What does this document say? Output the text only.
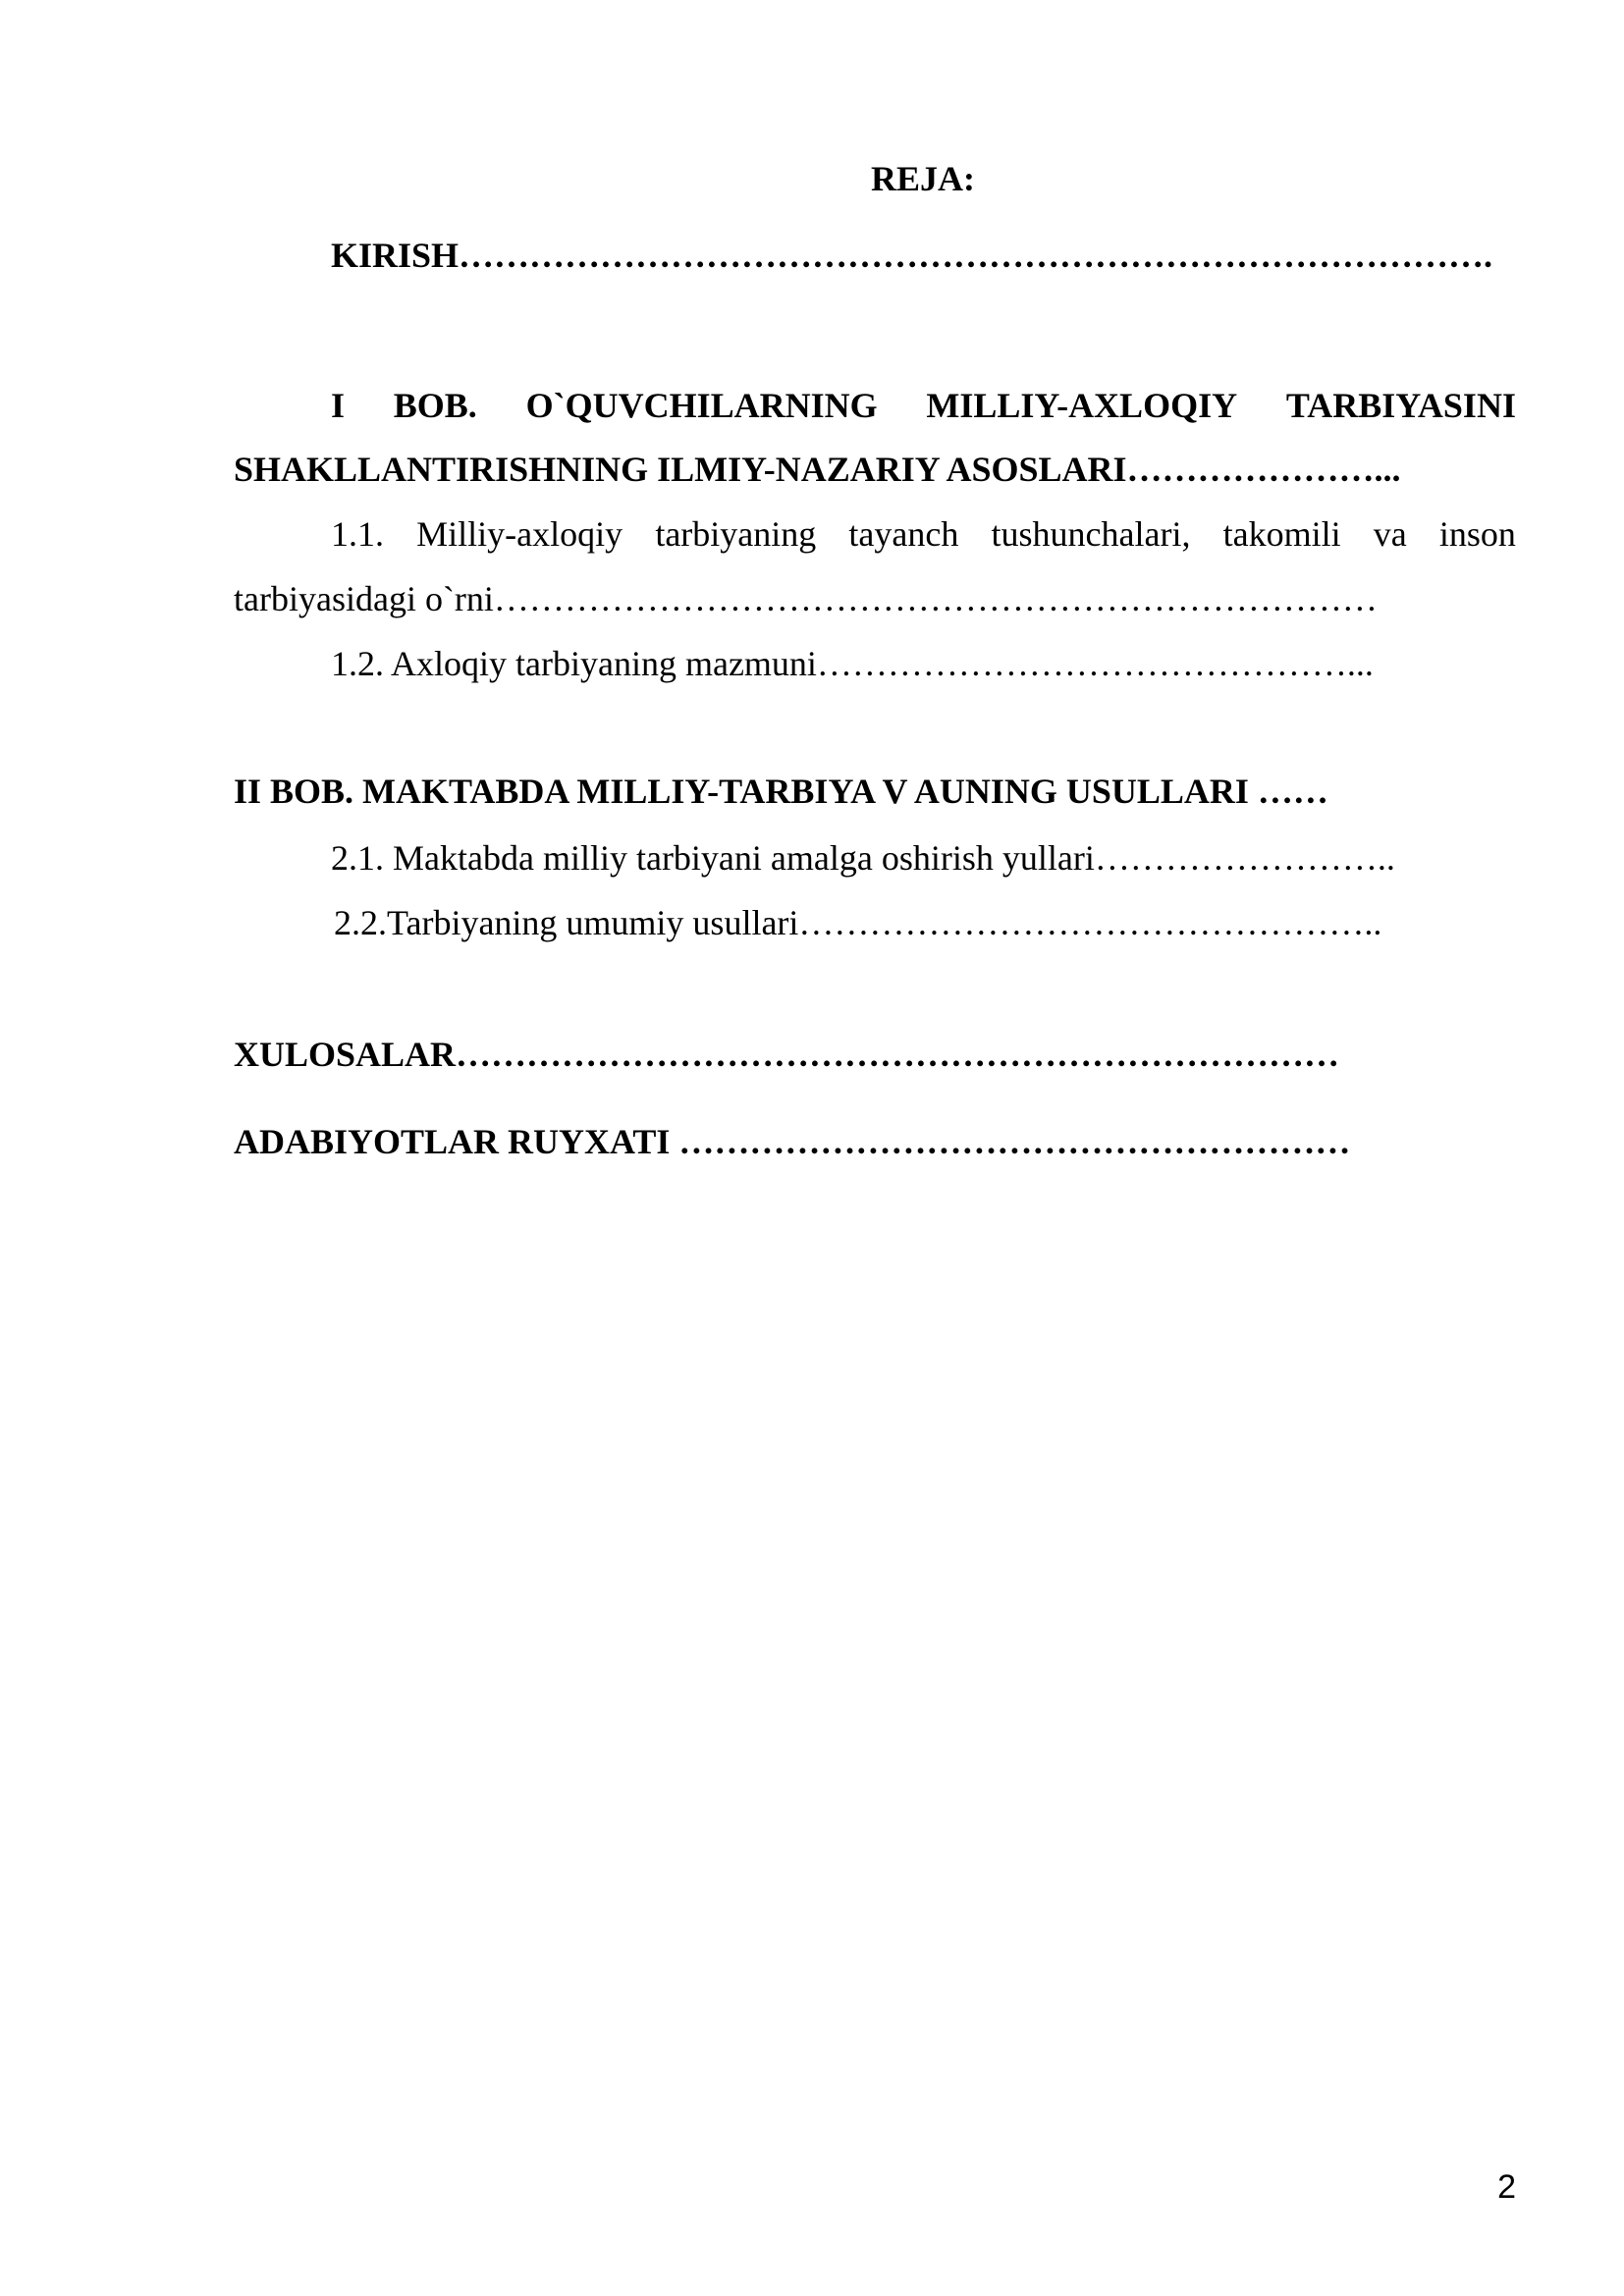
REJA:
KIRISH…………………………………………………………………………….
I BOB. O`QUVCHILARNING MILLIY-AXLOQIY TARBIYASINI
SHAKLLANTIRISHNING ILMIY-NAZARIY ASOSLARI…………………...
1.1. Milliy-axloqiy tarbiyaning tayanch tushunchalari, takomili va inson
tarbiyasidagi o`rni…………………………………………………………………
1.2. Axloqiy tarbiyaning mazmuni………………………………………...
II BOB. MAKTABDA MILLIY-TARBIYA V AUNING USULLARI ……
2.1. Maktabda milliy tarbiyani amalga oshirish yullari……………………..
2.2.Tarbiyaning umumiy usullari…………………………………………..
XULOSALAR…………………………………………………………………
ADABIYOTLAR RUYXATI …………………………………………………
2
